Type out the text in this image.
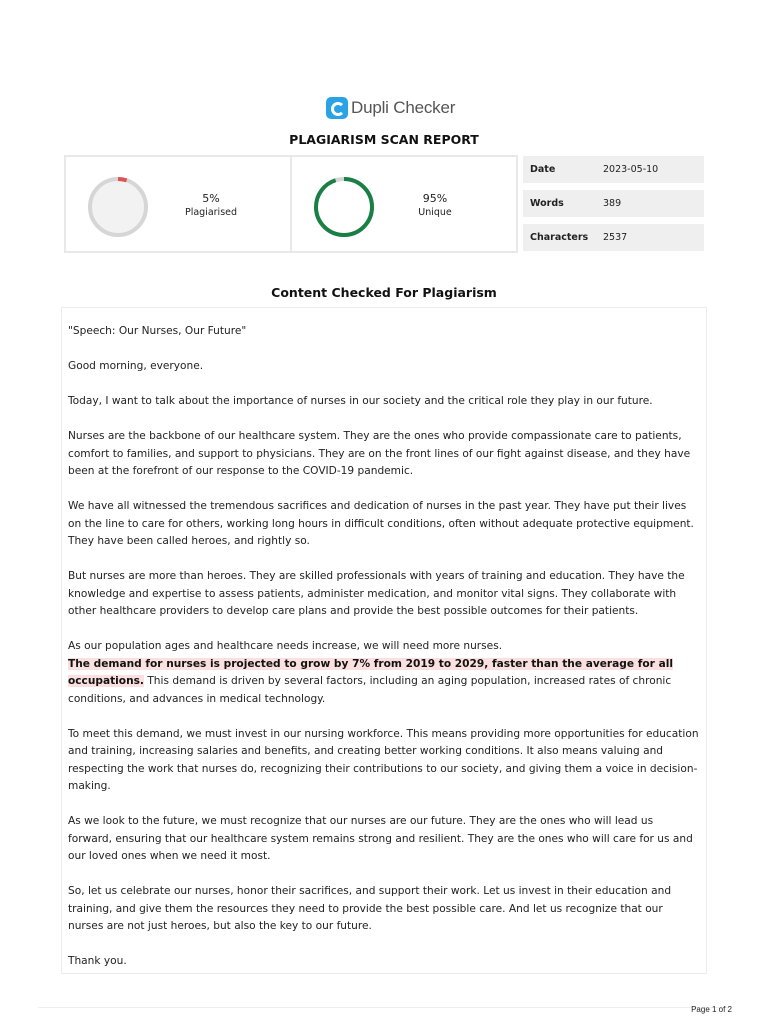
Dupli Checker
PLAGIARISM SCAN REPORT
5%
Plagiarised
95%
Unique
Date	2023-05-10
Words	389
Characters	2537
Content Checked For Plagiarism

"Speech: Our Nurses, Our Future"

Good morning, everyone.

Today, I want to talk about the importance of nurses in our society and the critical role they play in our future.

Nurses are the backbone of our healthcare system. They are the ones who provide compassionate care to patients, comfort to families, and support to physicians. They are on the front lines of our fight against disease, and they have been at the forefront of our response to the COVID-19 pandemic.

We have all witnessed the tremendous sacrifices and dedication of nurses in the past year. They have put their lives on the line to care for others, working long hours in difficult conditions, often without adequate protective equipment. They have been called heroes, and rightly so.

But nurses are more than heroes. They are skilled professionals with years of training and education. They have the knowledge and expertise to assess patients, administer medication, and monitor vital signs. They collaborate with other healthcare providers to develop care plans and provide the best possible outcomes for their patients.

As our population ages and healthcare needs increase, we will need more nurses.
The demand for nurses is projected to grow by 7% from 2019 to 2029, faster than the average for all occupations. This demand is driven by several factors, including an aging population, increased rates of chronic conditions, and advances in medical technology.

To meet this demand, we must invest in our nursing workforce. This means providing more opportunities for education and training, increasing salaries and benefits, and creating better working conditions. It also means valuing and respecting the work that nurses do, recognizing their contributions to our society, and giving them a voice in decision-making.

As we look to the future, we must recognize that our nurses are our future. They are the ones who will lead us forward, ensuring that our healthcare system remains strong and resilient. They are the ones who will care for us and our loved ones when we need it most.

So, let us celebrate our nurses, honor their sacrifices, and support their work. Let us invest in their education and training, and give them the resources they need to provide the best possible care. And let us recognize that our nurses are not just heroes, but also the key to our future.

Thank you.

Page 1 of 2
